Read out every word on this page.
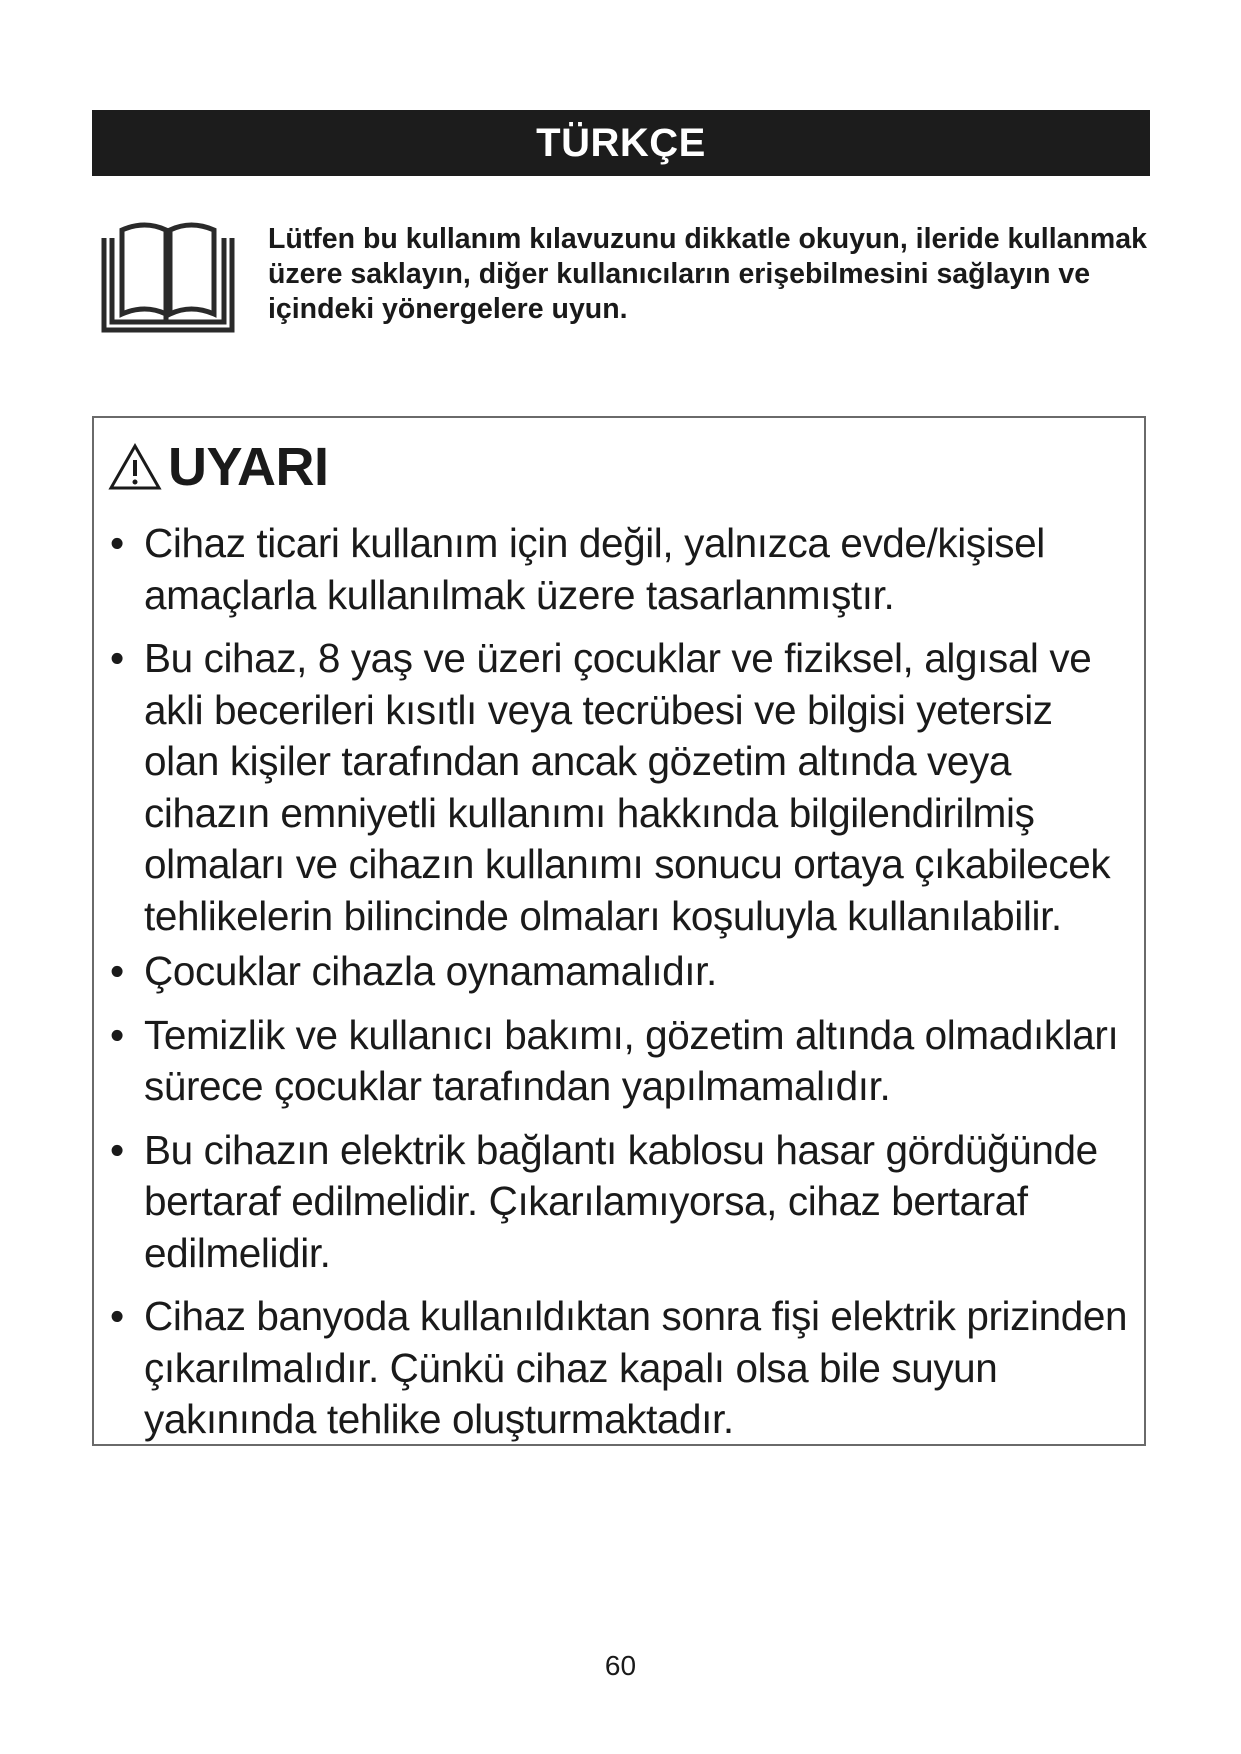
TÜRKÇE
Lütfen bu kullanım kılavuzunu dikkatle okuyun, ileride kullanmak üzere saklayın, diğer kullanıcıların erişebilmesini sağlayın ve içindeki yönergelere uyun.
UYARI
• Cihaz ticari kullanım için değil, yalnızca evde/kişisel amaçlarla kullanılmak üzere tasarlanmıştır.
• Bu cihaz, 8 yaş ve üzeri çocuklar ve fiziksel, algısal ve akli becerileri kısıtlı veya tecrübesi ve bilgisi yetersiz olan kişiler tarafından ancak gözetim altında veya cihazın emniyetli kullanımı hakkında bilgilendirilmiş olmaları ve cihazın kullanımı sonucu ortaya çıkabilecek tehlikelerin bilincinde olmaları koşuluyla kullanılabilir.
• Çocuklar cihazla oynamamalıdır.
• Temizlik ve kullanıcı bakımı, gözetim altında olmadıkları sürece çocuklar tarafından yapılmamalıdır.
• Bu cihazın elektrik bağlantı kablosu hasar gördüğünde bertaraf edilmelidir. Çıkarılamıyorsa, cihaz bertaraf edilmelidir.
• Cihaz banyoda kullanıldıktan sonra fişi elektrik prizinden çıkarılmalıdır. Çünkü cihaz kapalı olsa bile suyun yakınında tehlike oluşturmaktadır.
60
